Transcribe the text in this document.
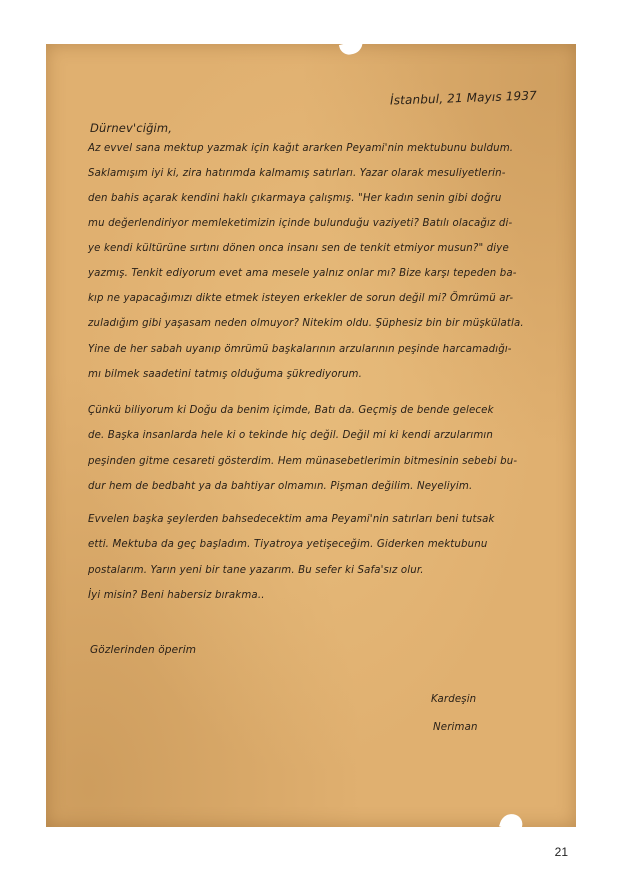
İstanbul, 21 Mayıs 1937
Dürnev'ciğim,
Az evvel sana mektup yazmak için kağıt ararken Peyami'nin mektubunu buldum.
Saklamışım iyi ki, zira hatırımda kalmamış satırları. Yazar olarak mesuliyetlerin-
den bahis açarak kendini haklı çıkarmaya çalışmış. "Her kadın senin gibi doğru
mu değerlendiriyor memleketimizin içinde bulunduğu vaziyeti? Batılı olacağız di-
ye kendi kültürüne sırtını dönen onca insanı sen de tenkit etmiyor musun?" diye
yazmış. Tenkit ediyorum evet ama mesele yalnız onlar mı? Bize karşı tepeden ba-
kıp ne yapacağımızı dikte etmek isteyen erkekler de sorun değil mi? Ömrümü ar-
zuladığım gibi yaşasam neden olmuyor? Nitekim oldu. Şüphesiz bin bir müşkülatla.
Yine de her sabah uyanıp ömrümü başkalarının arzularının peşinde harcamadığı-
mı bilmek saadetini tatmış olduğuma şükrediyorum.
Çünkü biliyorum ki Doğu da benim içimde, Batı da. Geçmiş de bende gelecek
de. Başka insanlarda hele ki o tekinde hiç değil. Değil mi ki kendi arzularımın
peşinden gitme cesareti gösterdim. Hem münasebetlerimin bitmesinin sebebi bu-
dur hem de bedbaht ya da bahtiyar olmamın. Pişman değilim. Neyeliyim.
Evvelen başka şeylerden bahsedecektim ama Peyami'nin satırları beni tutsak
etti. Mektuba da geç başladım. Tiyatroya yetişeceğim. Giderken mektubunu
postalarım. Yarın yeni bir tane yazarım. Bu sefer ki Safa'sız olur.
İyi misin? Beni habersiz bırakma..
Gözlerinden öperim
Kardeşin
Neriman
21
